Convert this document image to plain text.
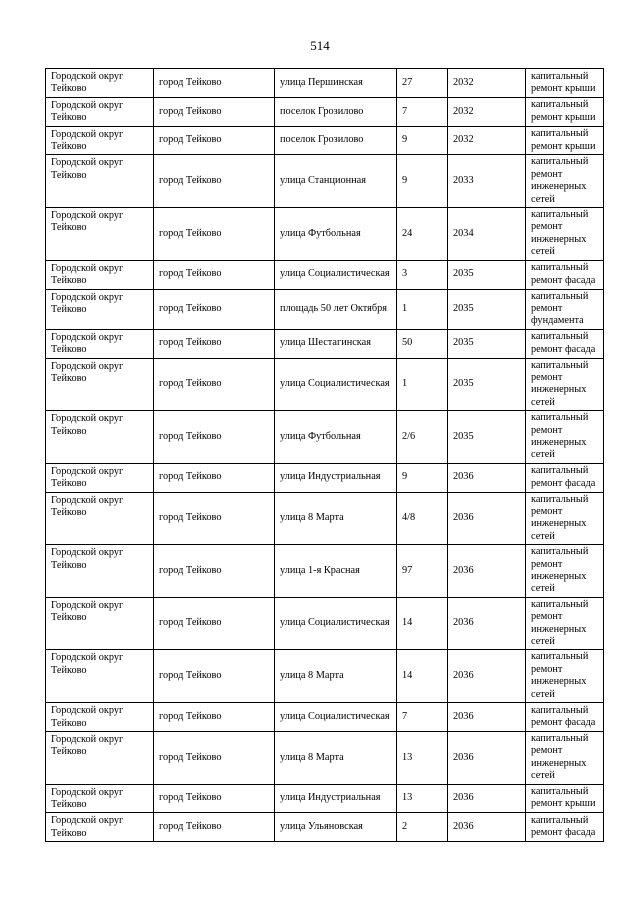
514
Городской округ Тейково	город Тейково	улица Першинская	27	2032	капитальный ремонт крыши
Городской округ Тейково	город Тейково	поселок Грозилово	7	2032	капитальный ремонт крыши
Городской округ Тейково	город Тейково	поселок Грозилово	9	2032	капитальный ремонт крыши
Городской округ Тейково	город Тейково	улица Станционная	9	2033	капитальный ремонт инженерных сетей
Городской округ Тейково	город Тейково	улица Футбольная	24	2034	капитальный ремонт инженерных сетей
Городской округ Тейково	город Тейково	улица Социалистическая	3	2035	капитальный ремонт фасада
Городской округ Тейково	город Тейково	площадь 50 лет Октября	1	2035	капитальный ремонт фундамента
Городской округ Тейково	город Тейково	улица Шестагинская	50	2035	капитальный ремонт фасада
Городской округ Тейково	город Тейково	улица Социалистическая	1	2035	капитальный ремонт инженерных сетей
Городской округ Тейково	город Тейково	улица Футбольная	2/6	2035	капитальный ремонт инженерных сетей
Городской округ Тейково	город Тейково	улица Индустриальная	9	2036	капитальный ремонт фасада
Городской округ Тейково	город Тейково	улица 8 Марта	4/8	2036	капитальный ремонт инженерных сетей
Городской округ Тейково	город Тейково	улица 1-я Красная	97	2036	капитальный ремонт инженерных сетей
Городской округ Тейково	город Тейково	улица Социалистическая	14	2036	капитальный ремонт инженерных сетей
Городской округ Тейково	город Тейково	улица 8 Марта	14	2036	капитальный ремонт инженерных сетей
Городской округ Тейково	город Тейково	улица Социалистическая	7	2036	капитальный ремонт фасада
Городской округ Тейково	город Тейково	улица 8 Марта	13	2036	капитальный ремонт инженерных сетей
Городской округ Тейково	город Тейково	улица Индустриальная	13	2036	капитальный ремонт крыши
Городской округ Тейково	город Тейково	улица Ульяновская	2	2036	капитальный ремонт фасада
